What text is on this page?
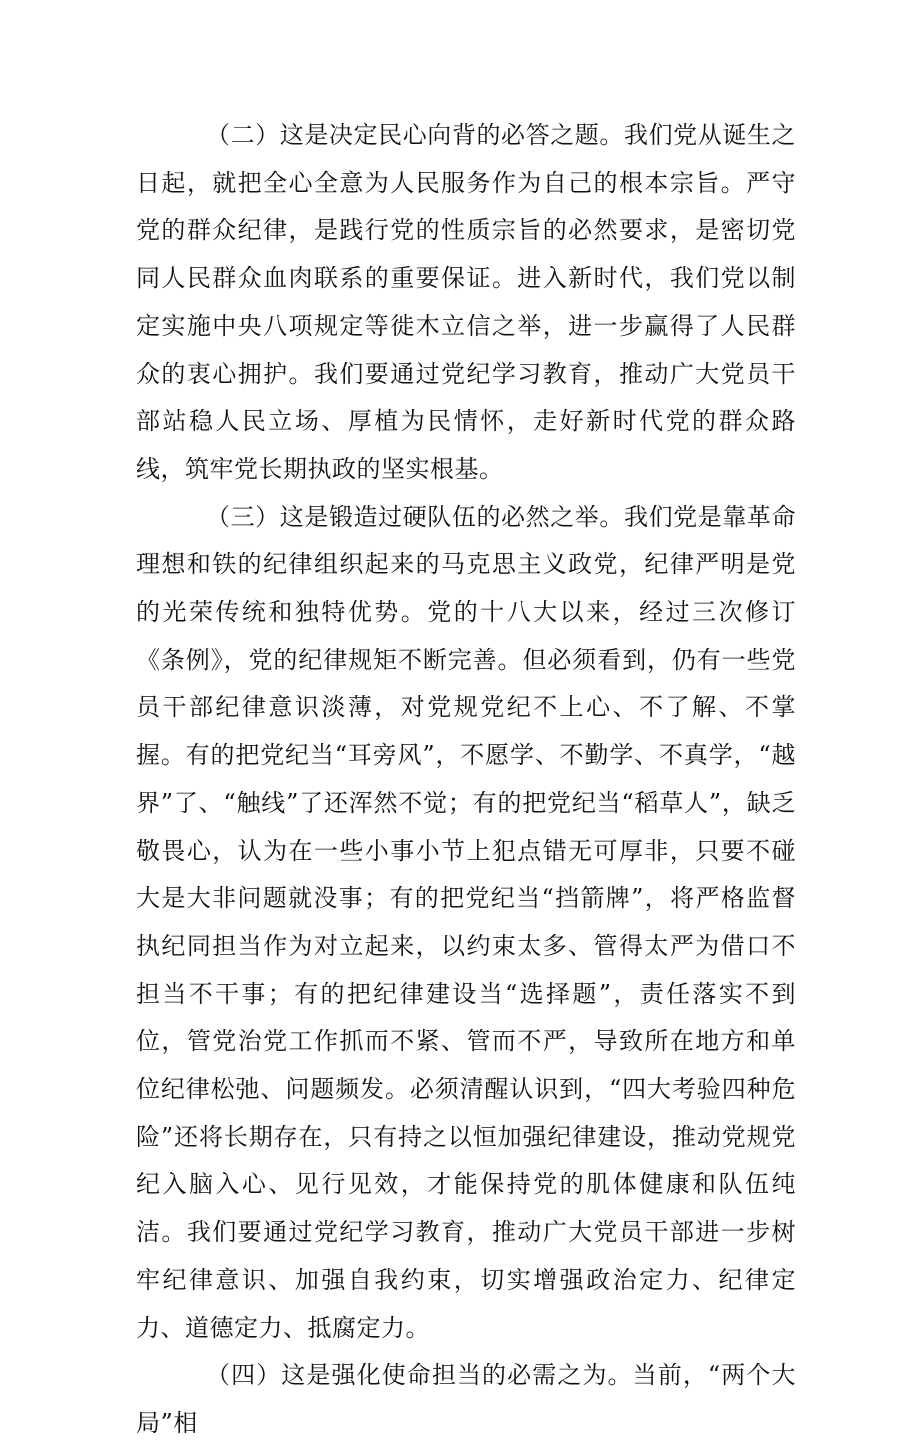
（二）这是决定民心向背的必答之题。我们党从诞生之日起，就把全心全意为人民服务作为自己的根本宗旨。严守党的群众纪律，是践行党的性质宗旨的必然要求，是密切党同人民群众血肉联系的重要保证。进入新时代，我们党以制定实施中央八项规定等徙木立信之举，进一步赢得了人民群众的衷心拥护。我们要通过党纪学习教育，推动广大党员干部站稳人民立场、厚植为民情怀，走好新时代党的群众路线，筑牢党长期执政的坚实根基。

（三）这是锻造过硬队伍的必然之举。我们党是靠革命理想和铁的纪律组织起来的马克思主义政党，纪律严明是党的光荣传统和独特优势。党的十八大以来，经过三次修订《条例》，党的纪律规矩不断完善。但必须看到，仍有一些党员干部纪律意识淡薄，对党规党纪不上心、不了解、不掌握。有的把党纪当“耳旁风”，不愿学、不勤学、不真学，“越界”了、“触线”了还浑然不觉；有的把党纪当“稻草人”，缺乏敬畏心，认为在一些小事小节上犯点错无可厚非，只要不碰大是大非问题就没事；有的把党纪当“挡箭牌”，将严格监督执纪同担当作为对立起来，以约束太多、管得太严为借口不担当不干事；有的把纪律建设当“选择题”，责任落实不到位，管党治党工作抓而不紧、管而不严，导致所在地方和单位纪律松弛、问题频发。必须清醒认识到，“四大考验四种危险”还将长期存在，只有持之以恒加强纪律建设，推动党规党纪入脑入心、见行见效，才能保持党的肌体健康和队伍纯洁。我们要通过党纪学习教育，推动广大党员干部进一步树牢纪律意识、加强自我约束，切实增强政治定力、纪律定力、道德定力、抵腐定力。

（四）这是强化使命担当的必需之为。当前，“两个大局”相
